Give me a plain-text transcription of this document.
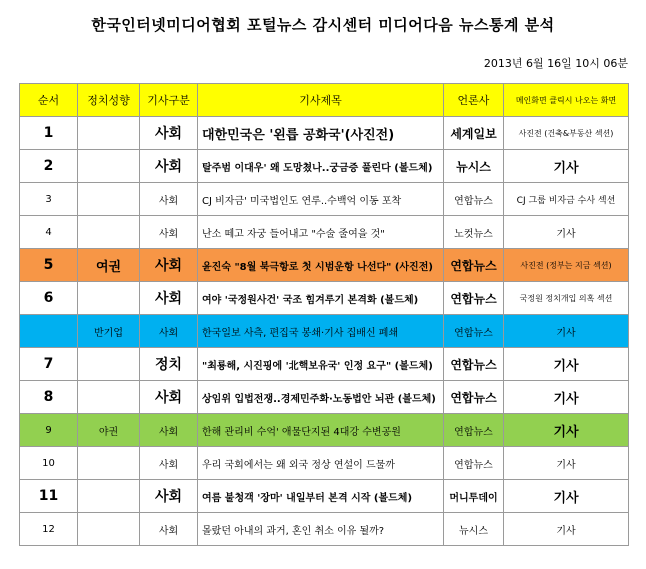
한국인터넷미디어협회 포털뉴스 감시센터 미디어다음 뉴스통계 분석
2013년 6월 16일 10시 06분
순서	정치성향	기사구분	기사제목	언론사	메인화면 클릭시 나오는 화면
1		사회	대한민국은 '왼릅 공화국'(사진전)	세계일보	사진전 (건축&부동산 섹션)
2		사회	탈주범 이대우' 왜 도망쳤나..궁금증 풀린다 (볼드체)	뉴시스	기사
3		사회	CJ 비자금' 미국법인도 연루..수백억 이동 포착	연합뉴스	CJ 그룹 비자금 수사 섹션
4		사회	난소 떼고 자궁 들어내고 "수술 줄여을 것"	노컷뉴스	기사
5	여권	사회	윤진숙 "8월 북극항로 첫 시범운항 나선다" (사진전)	연합뉴스	사진전 (정부는 지금 섹션)
6		사회	여야 '국정원사건' 국조 힘겨루기 본격화 (볼드체)	연합뉴스	국정원 정치개입 의혹 섹션
	반기업	사회	한국일보 사측, 편집국 봉쇄·기사 집배신 폐쇄	연합뉴스	기사
7		정치	"최룡해, 시진핑에 '北핵보유국' 인정 요구" (볼드체)	연합뉴스	기사
8		사회	상임위 입법전쟁..경제민주화·노동법안 뇌관 (볼드체)	연합뉴스	기사
9	야권	사회	한해 관리비 수억' 애물단지된 4대강 수변공원	연합뉴스	기사
10		사회	우리 국회에서는 왜 외국 정상 연설이 드물까	연합뉴스	기사
11		사회	여름 불청객 '장마' 내일부터 본격 시작 (볼드체)	머니투데이	기사
12		사회	몰랐던 아내의 과거, 혼인 취소 이유 될까?	뉴시스	기사
